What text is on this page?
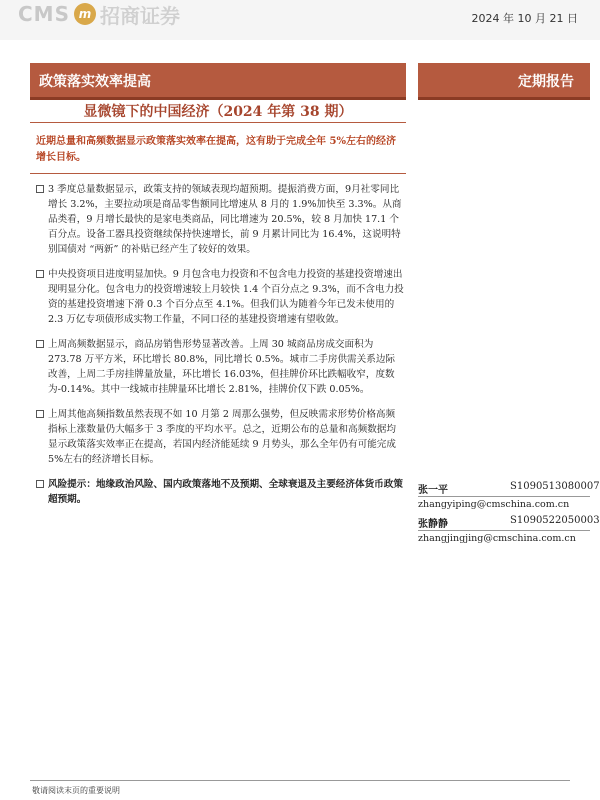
CMS m 招商证券	2024 年 10 月 21 日
政策落实效率提高	定期报告
显微镜下的中国经济（2024 年第 38 期）
近期总量和高频数据显示政策落实效率在提高，这有助于完成全年 5%左右的经济增长目标。
3 季度总量数据显示，政策支持的领域表现均超预期。提振消费方面，9月社零同比增长 3.2%，主要拉动项是商品零售额同比增速从 8 月的 1.9%加快至 3.3%。从商品类看，9 月增长最快的是家电类商品，同比增速为 20.5%，较 8 月加快 17.1 个百分点。设备工器具投资继续保持快速增长，前 9 月累计同比为 16.4%，这说明特别国债对 “两新” 的补贴已经产生了较好的效果。
中央投资项目进度明显加快。9 月包含电力投资和不包含电力投资的基建投资增速出现明显分化。包含电力的投资增速较上月较快 1.4 个百分点之 9.3%，而不含电力投资的基建投资增速下滑 0.3 个百分点至 4.1%。但我们认为随着今年已发未使用的 2.3 万亿专项债形成实物工作量，不同口径的基建投资增速有望收敛。
上周高频数据显示，商品房销售形势显著改善。上周 30 城商品房成交面积为 273.78 万平方米，环比增长 80.8%，同比增长 0.5%。城市二手房供需关系边际改善，上周二手房挂牌量放量，环比增长 16.03%，但挂牌价环比跌幅收窄，度数为-0.14%。其中一线城市挂牌量环比增长 2.81%，挂牌价仅下跌 0.05%。
上周其他高频指数虽然表现不如 10 月第 2 周那么强势，但反映需求形势价格高频指标上涨数量仍大幅多于 3 季度的平均水平。总之，近期公布的总量和高频数据均显示政策落实效率正在提高，若国内经济能延续 9 月势头，那么全年仍有可能完成 5%左右的经济增长目标。
风险提示：地缘政治风险、国内政策落地不及预期、全球衰退及主要经济体货币政策超预期。
张一平	S1090513080007
zhangyiping@cmschina.com.cn
张静静	S1090522050003
zhangjingjing@cmschina.com.cn
敬请阅读末页的重要说明
